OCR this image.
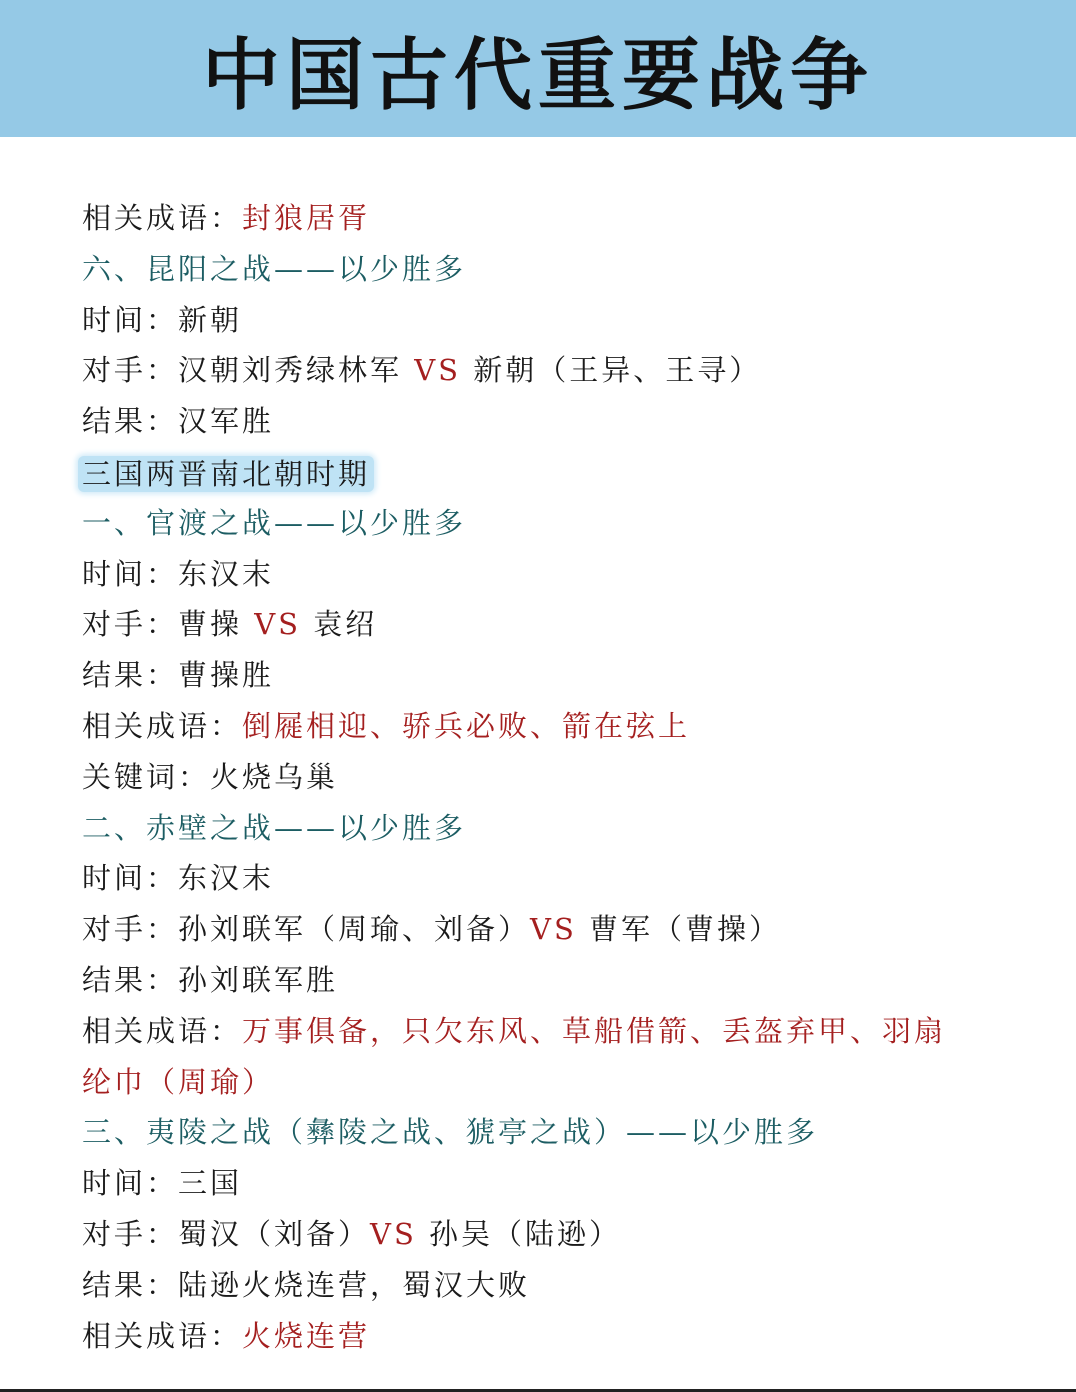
中国古代重要战争
相关成语：封狼居胥
六、昆阳之战——以少胜多
时间：新朝
对手：汉朝刘秀绿林军 VS 新朝（王异、王寻）
结果：汉军胜
三国两晋南北朝时期
一、官渡之战——以少胜多
时间：东汉末
对手：曹操 VS 袁绍
结果：曹操胜
相关成语：倒屣相迎、骄兵必败、箭在弦上
关键词：火烧乌巢
二、赤壁之战——以少胜多
时间：东汉末
对手：孙刘联军（周瑜、刘备）VS 曹军（曹操）
结果：孙刘联军胜
相关成语：万事俱备，只欠东风、草船借箭、丢盔弃甲、羽扇
纶巾（周瑜）
三、夷陵之战（彝陵之战、猇亭之战）——以少胜多
时间：三国
对手：蜀汉（刘备）VS 孙吴（陆逊）
结果：陆逊火烧连营，蜀汉大败
相关成语：火烧连营
